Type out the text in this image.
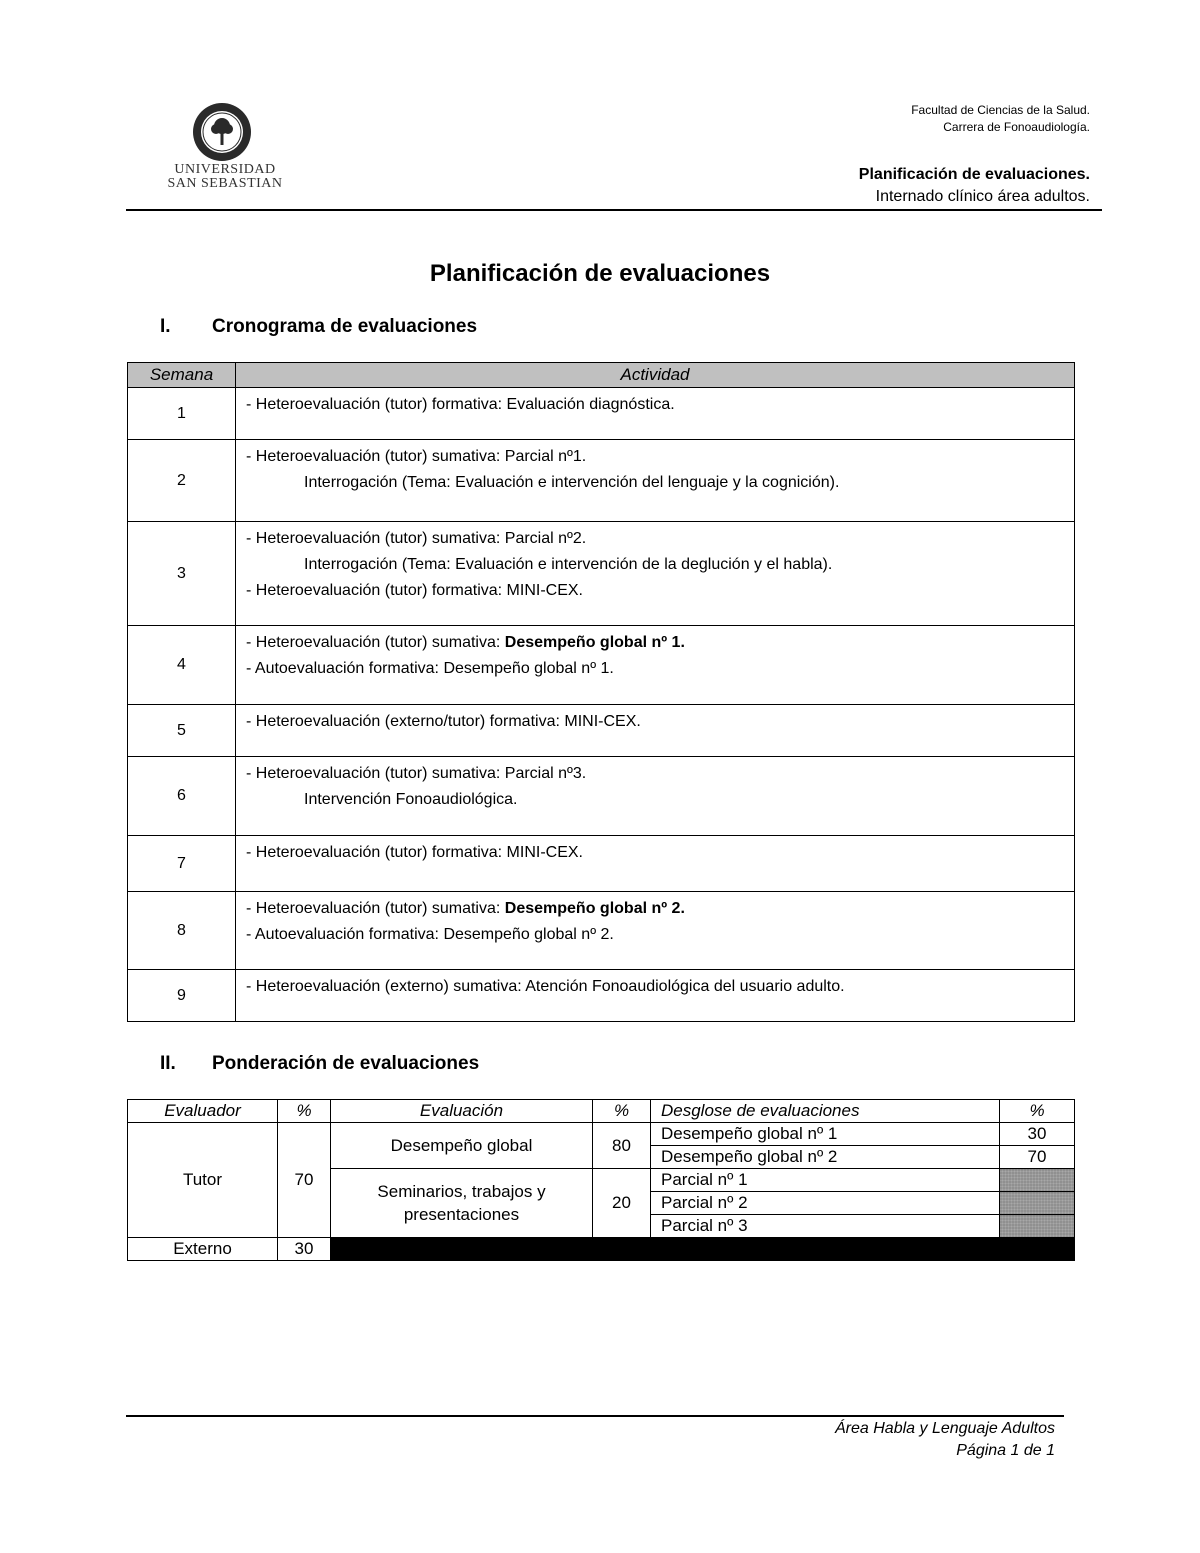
UNIVERSIDAD
SAN SEBASTIAN
Facultad de Ciencias de la Salud.
Carrera de Fonoaudiología.
Planificación de evaluaciones.
Internado clínico área adultos.
Planificación de evaluaciones
I. Cronograma de evaluaciones
Semana	Actividad
1	- Heteroevaluación (tutor) formativa: Evaluación diagnóstica.

2	- Heteroevaluación (tutor) sumativa: Parcial nº1.
Interrogación (Tema: Evaluación e intervención del lenguaje y la cognición).

3	- Heteroevaluación (tutor) sumativa: Parcial nº2.
Interrogación (Tema: Evaluación e intervención de la deglución y el habla).
- Heteroevaluación (tutor) formativa: MINI-CEX.

4	- Heteroevaluación (tutor) sumativa: Desempeño global nº 1.
- Autoevaluación formativa: Desempeño global nº 1.

5	- Heteroevaluación (externo/tutor) formativa: MINI-CEX.

6	- Heteroevaluación (tutor) sumativa: Parcial nº3.
Intervención Fonoaudiológica.

7	- Heteroevaluación (tutor) formativa: MINI-CEX.

8	- Heteroevaluación (tutor) sumativa: Desempeño global nº 2.
- Autoevaluación formativa: Desempeño global nº 2.

9	- Heteroevaluación (externo) sumativa: Atención Fonoaudiológica del usuario adulto.
II. Ponderación de evaluaciones
Evaluador	%	Evaluación	%	Desglose de evaluaciones	%
Tutor	70	Desempeño global	80	Desempeño global nº 1	30
				Desempeño global nº 2	70
		Seminarios, trabajos y presentaciones	20	Parcial nº 1	
				Parcial nº 2	
				Parcial nº 3	
Externo	30				
Área Habla y Lenguaje Adultos
Página 1 de 1
